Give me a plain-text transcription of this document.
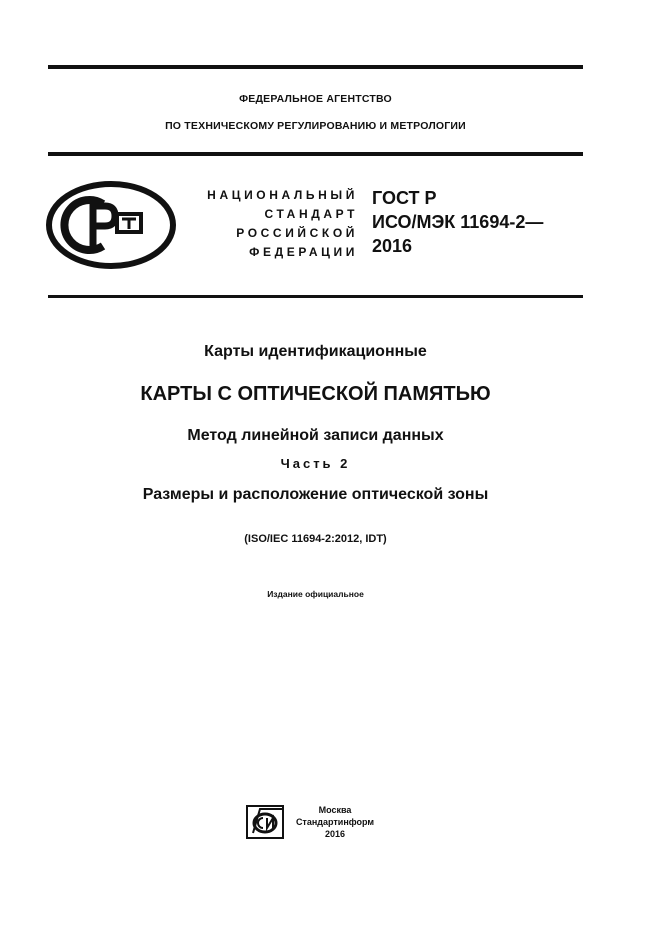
ФЕДЕРАЛЬНОЕ АГЕНТСТВО
ПО ТЕХНИЧЕСКОМУ РЕГУЛИРОВАНИЮ И МЕТРОЛОГИИ
НАЦИОНАЛЬНЫЙ
СТАНДАРТ
РОССИЙСКОЙ
ФЕДЕРАЦИИ
ГОСТ Р
ИСО/МЭК 11694-2—
2016
Карты идентификационные
КАРТЫ С ОПТИЧЕСКОЙ ПАМЯТЬЮ
Метод линейной записи данных
Часть 2
Размеры и расположение оптической зоны
(ISO/IEC 11694-2:2012, IDT)
Издание официальное
Москва
Стандартинформ
2016
